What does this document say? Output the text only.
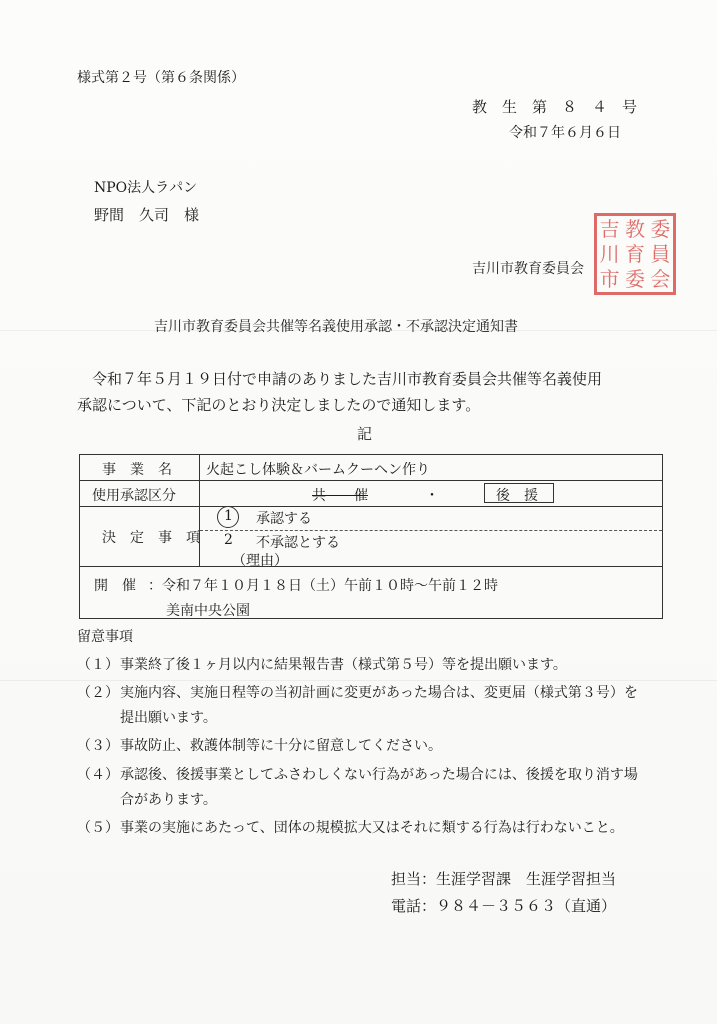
様式第２号（第６条関係）
教　生　第　８　４　号
令和７年６月６日
NPO法人ラパン
野間　久司　様
吉川市教育委員会
吉 教 委
川 育 員
市 委 会
吉川市教育委員会共催等名義使用承認・不承認決定通知書
令和７年５月１９日付で申請のありました吉川市教育委員会共催等名義使用
承認について、下記のとおり決定しましたので通知します。
記
事　業　名 火起こし体験＆バームクーヘン作り
使用承認区分	共　　催	・	後　援
決　定　事　項
1 承認する
2 不承認とする
（理由）
開　催 ：令和７年１０月１８日（土）午前１０時～午前１２時
美南中央公園
留意事項
（１） 事業終了後１ヶ月以内に結果報告書（様式第５号）等を提出願います。
（２） 実施内容、実施日程等の当初計画に変更があった場合は、変更届（様式第３号）を
提出願います。
（３） 事故防止、救護体制等に十分に留意してください。
（４） 承認後、後援事業としてふさわしくない行為があった場合には、後援を取り消す場
合があります。
（５） 事業の実施にあたって、団体の規模拡大又はそれに類する行為は行わないこと。
担当：生涯学習課　生涯学習担当
電話：９８４－３５６３（直通）
